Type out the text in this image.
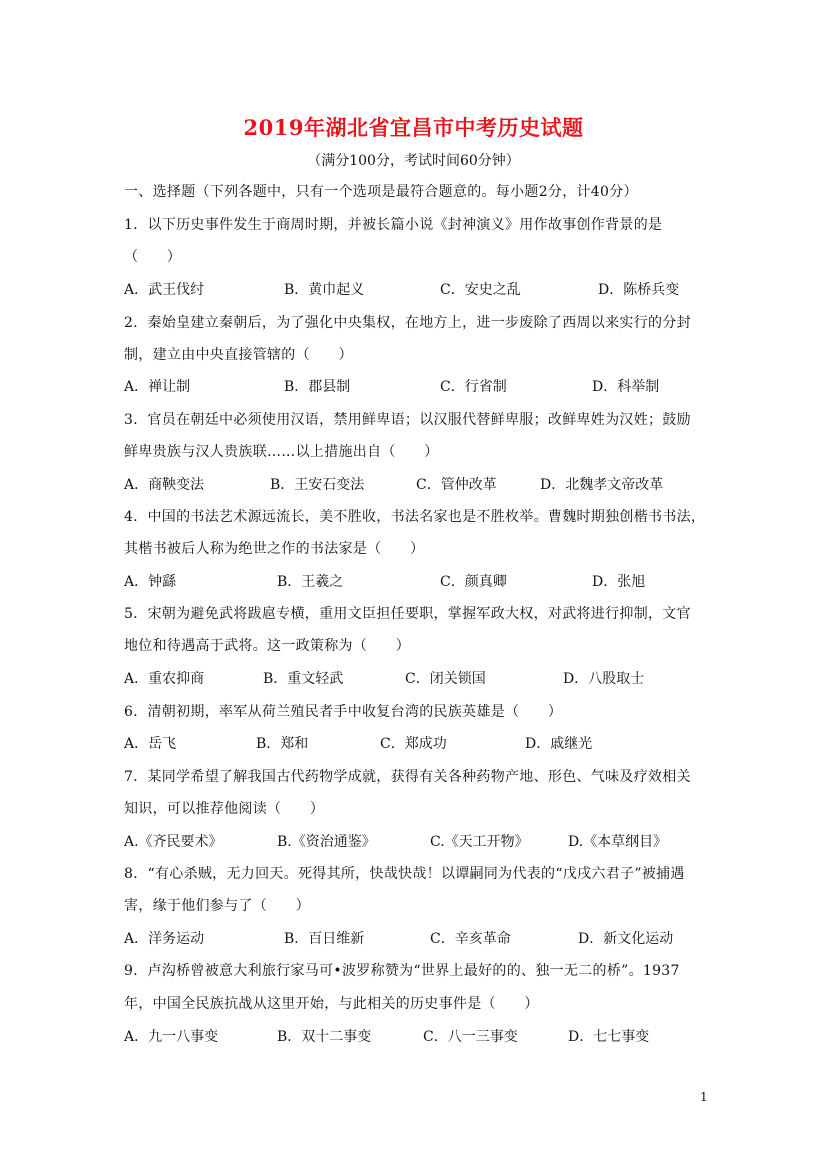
2019年湖北省宜昌市中考历史试题
（满分100分，考试时间60分钟）
一、选择题（下列各题中，只有一个选项是最符合题意的。每小题2分，计40分）
1．以下历史事件发生于商周时期，并被长篇小说《封神演义》用作故事创作背景的是
（　　）
A．武王伐纣	B．黄巾起义	C．安史之乱	D．陈桥兵变
2．秦始皇建立秦朝后，为了强化中央集权，在地方上，进一步废除了西周以来实行的分封
制，建立由中央直接管辖的（　　）
A．禅让制	B．郡县制	C．行省制	D．科举制
3．官员在朝廷中必须使用汉语，禁用鲜卑语；以汉服代替鲜卑服；改鲜卑姓为汉姓；鼓励
鲜卑贵族与汉人贵族联……以上措施出自（　　）
A．商鞅变法	B．王安石变法	C．管仲改革	D．北魏孝文帝改革
4．中国的书法艺术源远流长，美不胜收，书法名家也是不胜枚举。曹魏时期独创楷书书法，
其楷书被后人称为绝世之作的书法家是（　　）
A．钟繇	B．王羲之	C．颜真卿	D．张旭
5．宋朝为避免武将跋扈专横，重用文臣担任要职，掌握军政大权，对武将进行抑制，文官
地位和待遇高于武将。这一政策称为（　　）
A．重农抑商	B．重文轻武	C．闭关锁国	D．八股取士
6．清朝初期，率军从荷兰殖民者手中收复台湾的民族英雄是（　　）
A．岳飞	B．郑和	C．郑成功	D．戚继光
7．某同学希望了解我国古代药物学成就，获得有关各种药物产地、形色、气味及疗效相关
知识，可以推荐他阅读（　　）
A.《齐民要术》	B.《资治通鉴》	C.《天工开物》	D.《本草纲目》
8．“有心杀贼，无力回天。死得其所，快哉快哉！以谭嗣同为代表的“戊戌六君子”被捕遇
害，缘于他们参与了（　　）
A．洋务运动	B．百日维新	C．辛亥革命	D．新文化运动
9．卢沟桥曾被意大利旅行家马可•波罗称赞为“世界上最好的的、独一无二的桥”。1937
年，中国全民族抗战从这里开始，与此相关的历史事件是（　　）
A．九一八事变	B．双十二事变	C．八一三事变	D．七七事变
1
